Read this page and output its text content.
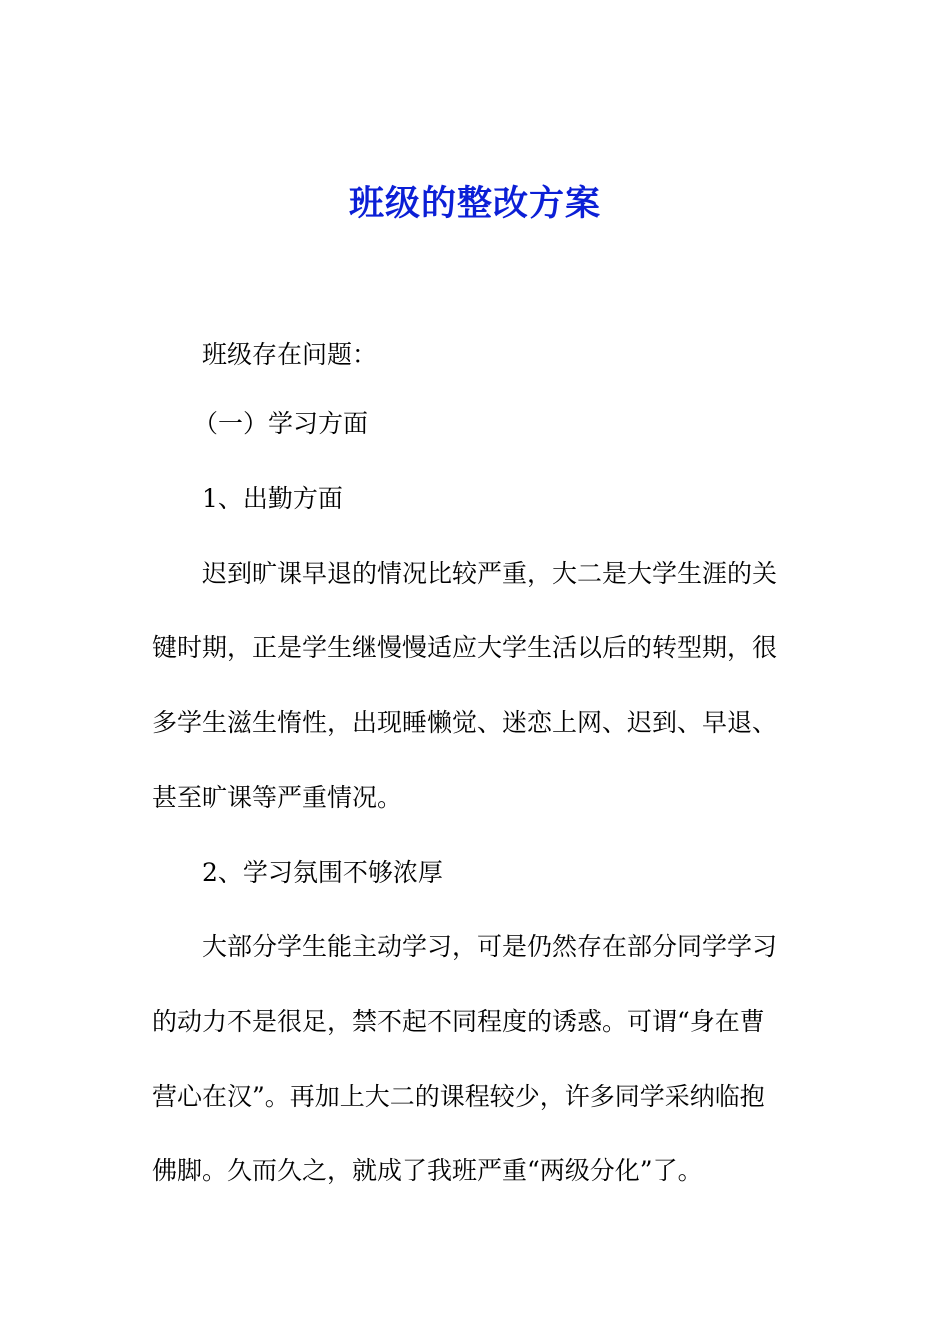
班级的整改方案
班级存在问题：
（一）学习方面
1、出勤方面
迟到旷课早退的情况比较严重，大二是大学生涯的关
键时期，正是学生继慢慢适应大学生活以后的转型期，很
多学生滋生惰性，出现睡懒觉、迷恋上网、迟到、早退、
甚至旷课等严重情况。
2、学习氛围不够浓厚
大部分学生能主动学习，可是仍然存在部分同学学习
的动力不是很足，禁不起不同程度的诱惑。可谓“身在曹
营心在汉”。再加上大二的课程较少，许多同学采纳临抱
佛脚。久而久之，就成了我班严重“两级分化”了。
